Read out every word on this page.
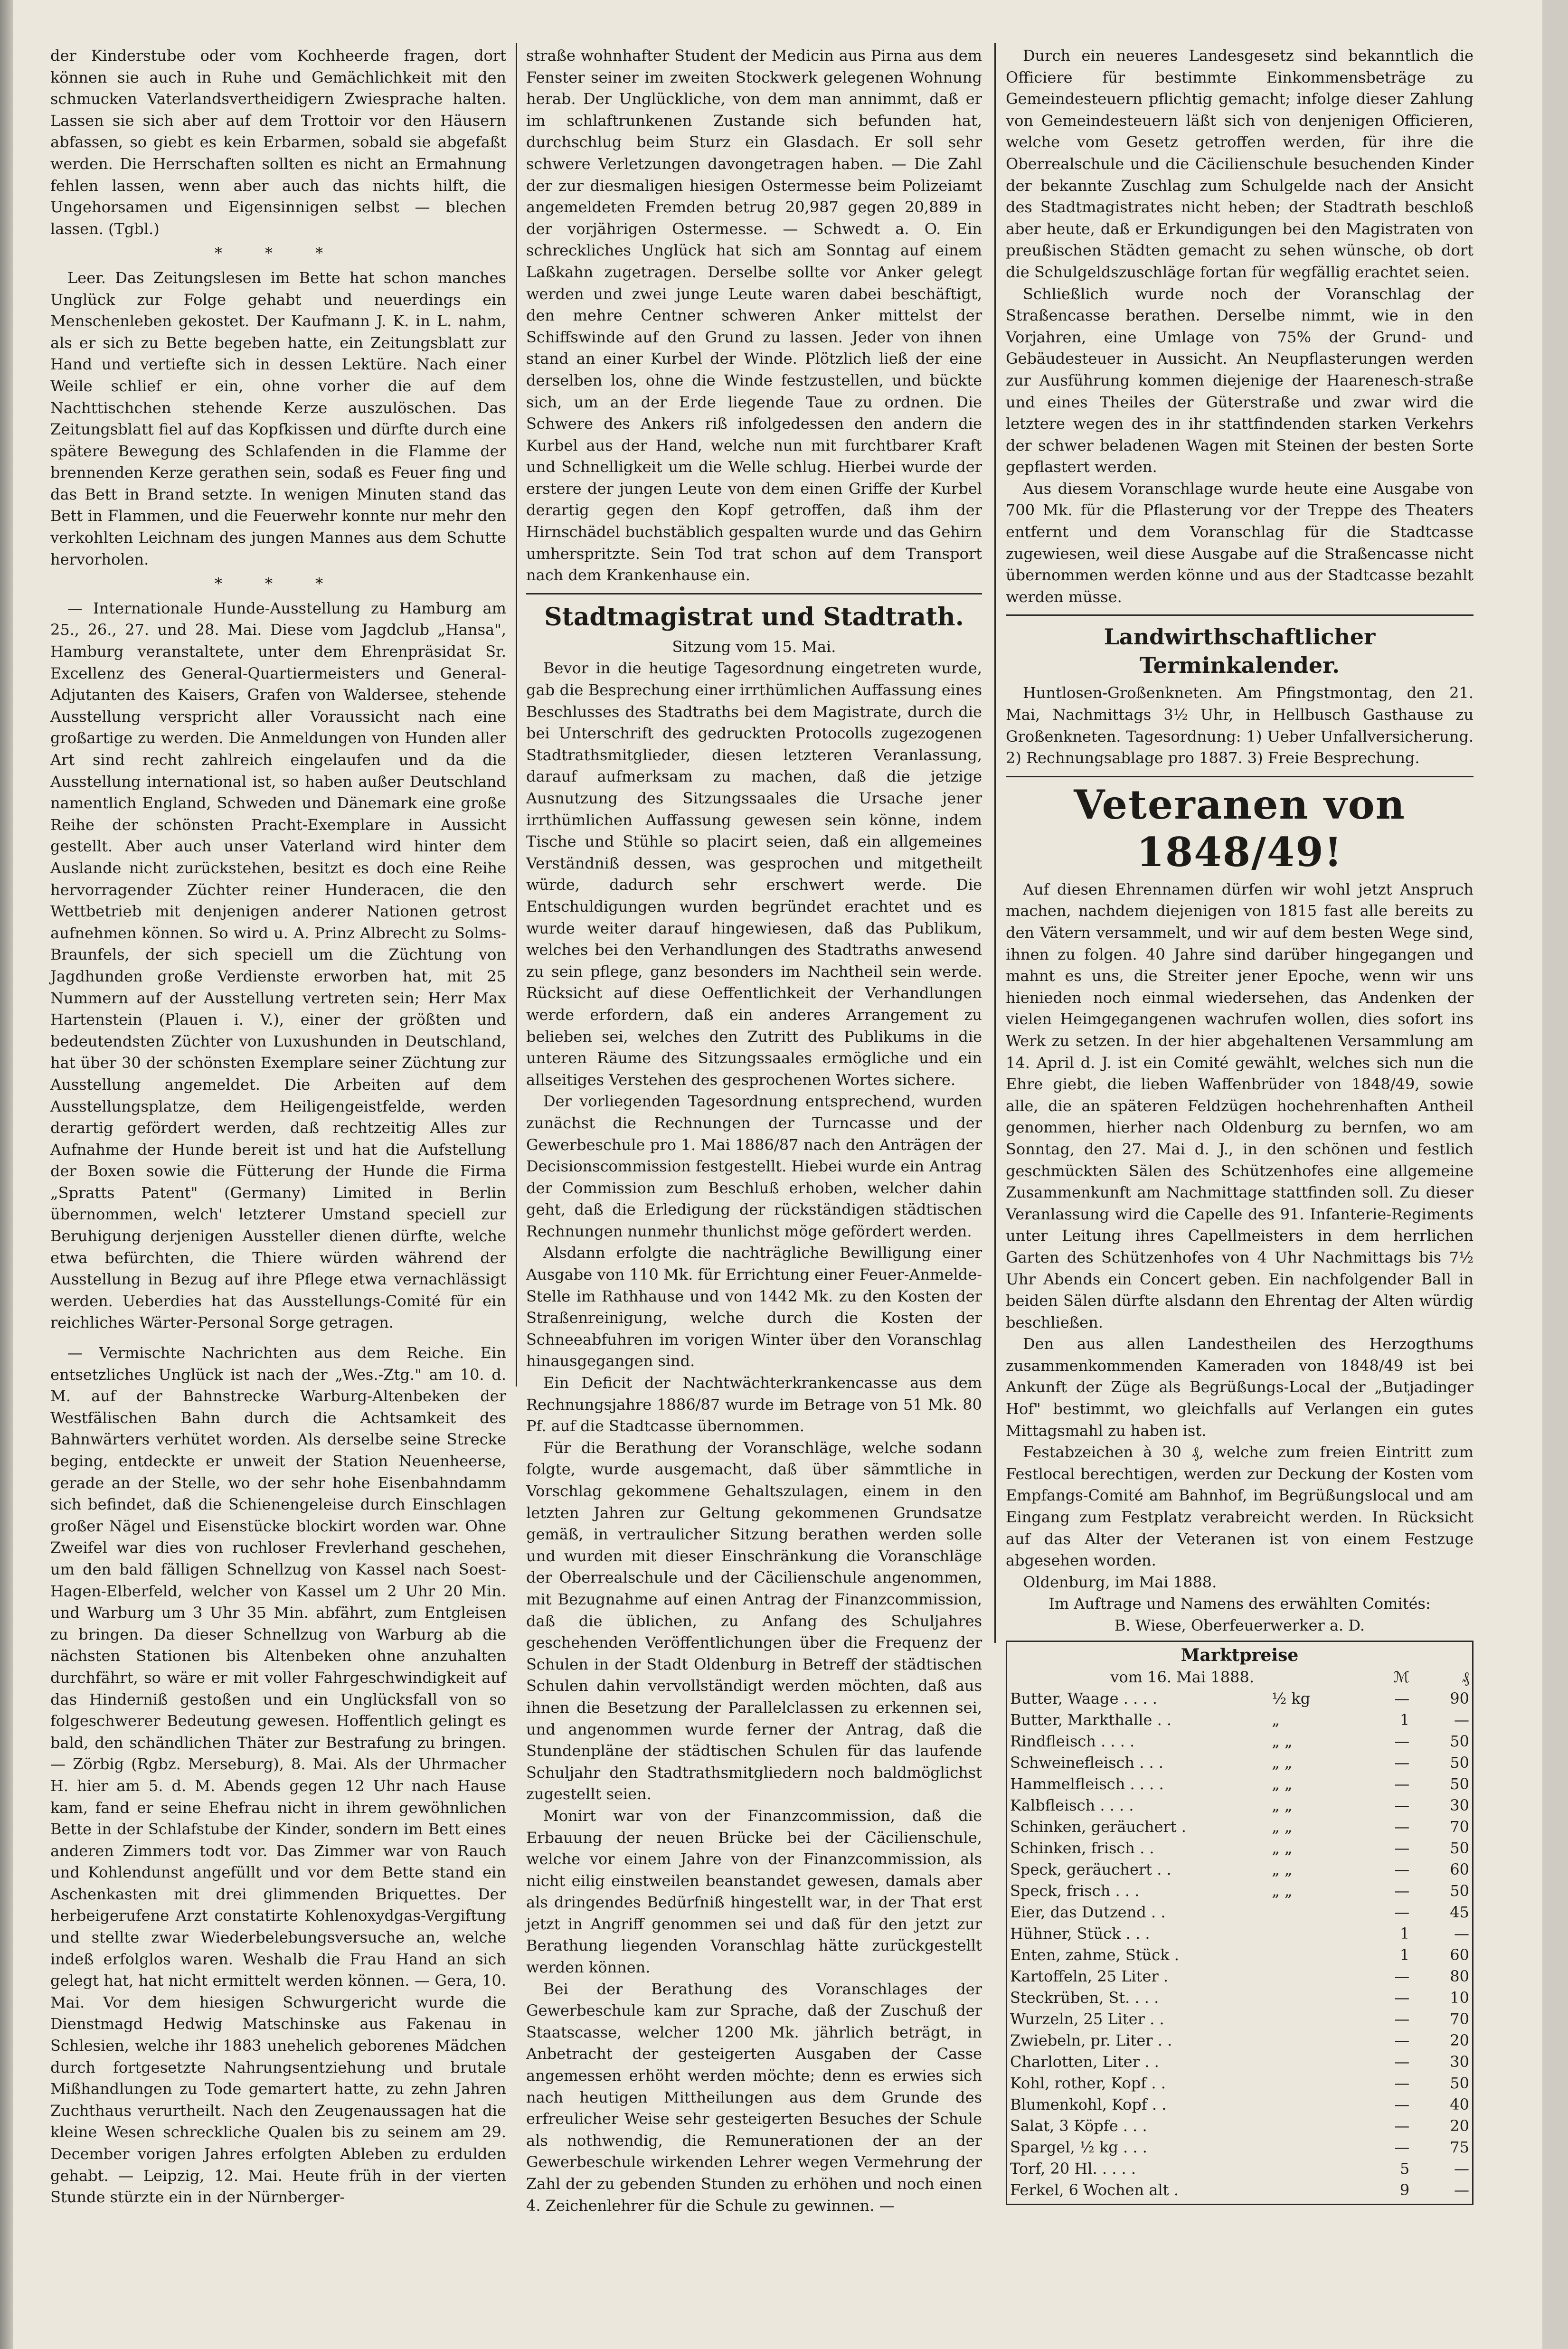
der Kinderstube oder vom Kochheerde fragen, dort können sie auch in Ruhe und Gemächlichkeit mit den schmucken Vaterlandsvertheidigern Zwiesprache halten. Lassen sie sich aber auf dem Trottoir vor den Häusern abfassen, so giebt es kein Erbarmen, sobald sie abgefaßt werden. Die Herrschaften sollten es nicht an Ermahnung fehlen lassen, wenn aber auch das nichts hilft, die Ungehorsamen und Eigensinnigen selbst — blechen lassen. (Tgbl.)

* * *

Leer. Das Zeitungslesen im Bette hat schon manches Unglück zur Folge gehabt und neuerdings ein Menschenleben gekostet. Der Kaufmann J. K. in L. nahm, als er sich zu Bette begeben hatte, ein Zeitungsblatt zur Hand und vertiefte sich in dessen Lektüre. Nach einer Weile schlief er ein, ohne vorher die auf dem Nachttischchen stehende Kerze auszulöschen. Das Zeitungsblatt fiel auf das Kopfkissen und dürfte durch eine spätere Bewegung des Schlafenden in die Flamme der brennenden Kerze gerathen sein, sodaß es Feuer fing und das Bett in Brand setzte. In wenigen Minuten stand das Bett in Flammen, und die Feuerwehr konnte nur mehr den verkohlten Leichnam des jungen Mannes aus dem Schutte hervorholen.

* * *

— Internationale Hunde-Ausstellung zu Hamburg am 25., 26., 27. und 28. Mai. Diese vom Jagdclub „Hansa", Hamburg veranstaltete, unter dem Ehrenpräsidat Sr. Excellenz des General-Quartiermeisters und General-Adjutanten des Kaisers, Grafen von Waldersee, stehende Ausstellung verspricht aller Voraussicht nach eine großartige zu werden. Die Anmeldungen von Hunden aller Art sind recht zahlreich eingelaufen und da die Ausstellung international ist, so haben außer Deutschland namentlich England, Schweden und Dänemark eine große Reihe der schönsten Pracht-Exemplare in Aussicht gestellt. Aber auch unser Vaterland wird hinter dem Auslande nicht zurückstehen, besitzt es doch eine Reihe hervorragender Züchter reiner Hunderacen, die den Wettbetrieb mit denjenigen anderer Nationen getrost aufnehmen können. So wird u. A. Prinz Albrecht zu Solms-Braunfels, der sich speciell um die Züchtung von Jagdhunden große Verdienste erworben hat, mit 25 Nummern auf der Ausstellung vertreten sein; Herr Max Hartenstein (Plauen i. V.), einer der größten und bedeutendsten Züchter von Luxushunden in Deutschland, hat über 30 der schönsten Exemplare seiner Züchtung zur Ausstellung angemeldet. Die Arbeiten auf dem Ausstellungsplatze, dem Heiligengeistfelde, werden derartig gefördert werden, daß rechtzeitig Alles zur Aufnahme der Hunde bereit ist und hat die Aufstellung der Boxen sowie die Fütterung der Hunde die Firma „Spratts Patent" (Germany) Limited in Berlin übernommen, welch' letzterer Umstand speciell zur Beruhigung derjenigen Aussteller dienen dürfte, welche etwa befürchten, die Thiere würden während der Ausstellung in Bezug auf ihre Pflege etwa vernachlässigt werden. Ueberdies hat das Ausstellungs-Comité für ein reichliches Wärter-Personal Sorge getragen.

— Vermischte Nachrichten aus dem Reiche. Ein entsetzliches Unglück ist nach der „Wes.-Ztg." am 10. d. M. auf der Bahnstrecke Warburg-Altenbeken der Westfälischen Bahn durch die Achtsamkeit des Bahnwärters verhütet worden. Als derselbe seine Strecke beging, entdeckte er unweit der Station Neuenheerse, gerade an der Stelle, wo der sehr hohe Eisenbahndamm sich befindet, daß die Schienengeleise durch Einschlagen großer Nägel und Eisenstücke blockirt worden war. Ohne Zweifel war dies von ruchloser Frevlerhand geschehen, um den bald fälligen Schnellzug von Kassel nach Soest-Hagen-Elberfeld, welcher von Kassel um 2 Uhr 20 Min. und Warburg um 3 Uhr 35 Min. abfährt, zum Entgleisen zu bringen. Da dieser Schnellzug von Warburg ab die nächsten Stationen bis Altenbeken ohne anzuhalten durchfährt, so wäre er mit voller Fahrgeschwindigkeit auf das Hinderniß gestoßen und ein Unglücksfall von so folgeschwerer Bedeutung gewesen. Hoffentlich gelingt es bald, den schändlichen Thäter zur Bestrafung zu bringen. — Zörbig (Rgbz. Merseburg), 8. Mai. Als der Uhrmacher H. hier am 5. d. M. Abends gegen 12 Uhr nach Hause kam, fand er seine Ehefrau nicht in ihrem gewöhnlichen Bette in der Schlafstube der Kinder, sondern im Bett eines anderen Zimmers todt vor. Das Zimmer war von Rauch und Kohlendunst angefüllt und vor dem Bette stand ein Aschenkasten mit drei glimmenden Briquettes. Der herbeigerufene Arzt constatirte Kohlenoxydgas-Vergiftung und stellte zwar Wiederbelebungsversuche an, welche indeß erfolglos waren. Weshalb die Frau Hand an sich gelegt hat, hat nicht ermittelt werden können. — Gera, 10. Mai. Vor dem hiesigen Schwurgericht wurde die Dienstmagd Hedwig Matschinske aus Fakenau in Schlesien, welche ihr 1883 unehelich geborenes Mädchen durch fortgesetzte Nahrungsentziehung und brutale Mißhandlungen zu Tode gemartert hatte, zu zehn Jahren Zuchthaus verurtheilt. Nach den Zeugenaussagen hat die kleine Wesen schreckliche Qualen bis zu seinem am 29. December vorigen Jahres erfolgten Ableben zu erdulden gehabt. — Leipzig, 12. Mai. Heute früh in der vierten Stunde stürzte ein in der Nürnberger-

straße wohnhafter Student der Medicin aus Pirna aus dem Fenster seiner im zweiten Stockwerk gelegenen Wohnung herab. Der Unglückliche, von dem man annimmt, daß er im schlaftrunkenen Zustande sich befunden hat, durchschlug beim Sturz ein Glasdach. Er soll sehr schwere Verletzungen davongetragen haben. — Die Zahl der zur diesmaligen hiesigen Ostermesse beim Polizeiamt angemeldeten Fremden betrug 20,987 gegen 20,889 in der vorjährigen Ostermesse. — Schwedt a. O. Ein schreckliches Unglück hat sich am Sonntag auf einem Laßkahn zugetragen. Derselbe sollte vor Anker gelegt werden und zwei junge Leute waren dabei beschäftigt, den mehre Centner schweren Anker mittelst der Schiffswinde auf den Grund zu lassen. Jeder von ihnen stand an einer Kurbel der Winde. Plötzlich ließ der eine derselben los, ohne die Winde festzustellen, und bückte sich, um an der Erde liegende Taue zu ordnen. Die Schwere des Ankers riß infolgedessen den andern die Kurbel aus der Hand, welche nun mit furchtbarer Kraft und Schnelligkeit um die Welle schlug. Hierbei wurde der erstere der jungen Leute von dem einen Griffe der Kurbel derartig gegen den Kopf getroffen, daß ihm der Hirnschädel buchstäblich gespalten wurde und das Gehirn umherspritzte. Sein Tod trat schon auf dem Transport nach dem Krankenhause ein.

Stadtmagistrat und Stadtrath.
Sitzung vom 15. Mai.

Bevor in die heutige Tagesordnung eingetreten wurde, gab die Besprechung einer irrthümlichen Auffassung eines Beschlusses des Stadtraths bei dem Magistrate, durch die bei Unterschrift des gedruckten Protocolls zugezogenen Stadtrathsmitglieder, diesen letzteren Veranlassung, darauf aufmerksam zu machen, daß die jetzige Ausnutzung des Sitzungssaales die Ursache jener irrthümlichen Auffassung gewesen sein könne, indem Tische und Stühle so placirt seien, daß ein allgemeines Verständniß dessen, was gesprochen und mitgetheilt würde, dadurch sehr erschwert werde. Die Entschuldigungen wurden begründet erachtet und es wurde weiter darauf hingewiesen, daß das Publikum, welches bei den Verhandlungen des Stadtraths anwesend zu sein pflege, ganz besonders im Nachtheil sein werde. Rücksicht auf diese Oeffentlichkeit der Verhandlungen werde erfordern, daß ein anderes Arrangement zu belieben sei, welches den Zutritt des Publikums in die unteren Räume des Sitzungssaales ermögliche und ein allseitiges Verstehen des gesprochenen Wortes sichere.

Der vorliegenden Tagesordnung entsprechend, wurden zunächst die Rechnungen der Turncasse und der Gewerbeschule pro 1. Mai 1886/87 nach den Anträgen der Decisionscommission festgestellt. Hiebei wurde ein Antrag der Commission zum Beschluß erhoben, welcher dahin geht, daß die Erledigung der rückständigen städtischen Rechnungen nunmehr thunlichst möge gefördert werden.

Alsdann erfolgte die nachträgliche Bewilligung einer Ausgabe von 110 Mk. für Errichtung einer Feuer-Anmelde-Stelle im Rathhause und von 1442 Mk. zu den Kosten der Straßenreinigung, welche durch die Kosten der Schneeabfuhren im vorigen Winter über den Voranschlag hinausgegangen sind.

Ein Deficit der Nachtwächterkrankencasse aus dem Rechnungsjahre 1886/87 wurde im Betrage von 51 Mk. 80 Pf. auf die Stadtcasse übernommen.

Für die Berathung der Voranschläge, welche sodann folgte, wurde ausgemacht, daß über sämmtliche in Vorschlag gekommene Gehaltszulagen, einem in den letzten Jahren zur Geltung gekommenen Grundsatze gemäß, in vertraulicher Sitzung berathen werden solle und wurden mit dieser Einschränkung die Voranschläge der Oberrealschule und der Cäcilienschule angenommen, mit Bezugnahme auf einen Antrag der Finanzcommission, daß die üblichen, zu Anfang des Schuljahres geschehenden Veröffentlichungen über die Frequenz der Schulen in der Stadt Oldenburg in Betreff der städtischen Schulen dahin vervollständigt werden möchten, daß aus ihnen die Besetzung der Parallelclassen zu erkennen sei, und angenommen wurde ferner der Antrag, daß die Stundenpläne der städtischen Schulen für das laufende Schuljahr den Stadtrathsmitgliedern noch baldmöglichst zugestellt seien.

Monirt war von der Finanzcommission, daß die Erbauung der neuen Brücke bei der Cäcilienschule, welche vor einem Jahre von der Finanzcommission, als nicht eilig einstweilen beanstandet gewesen, damals aber als dringendes Bedürfniß hingestellt war, in der That erst jetzt in Angriff genommen sei und daß für den jetzt zur Berathung liegenden Voranschlag hätte zurückgestellt werden können.

Bei der Berathung des Voranschlages der Gewerbeschule kam zur Sprache, daß der Zuschuß der Staatscasse, welcher 1200 Mk. jährlich beträgt, in Anbetracht der gesteigerten Ausgaben der Casse angemessen erhöht werden möchte; denn es erwies sich nach heutigen Mittheilungen aus dem Grunde des erfreulicher Weise sehr gesteigerten Besuches der Schule als nothwendig, die Remunerationen der an der Gewerbeschule wirkenden Lehrer wegen Vermehrung der Zahl der zu gebenden Stunden zu erhöhen und noch einen 4. Zeichenlehrer für die Schule zu gewinnen. —

Durch ein neueres Landesgesetz sind bekanntlich die Officiere für bestimmte Einkommensbeträge zu Gemeindesteuern pflichtig gemacht; infolge dieser Zahlung von Gemeindesteuern läßt sich von denjenigen Officieren, welche vom Gesetz getroffen werden, für ihre die Oberrealschule und die Cäcilienschule besuchenden Kinder der bekannte Zuschlag zum Schulgelde nach der Ansicht des Stadtmagistrates nicht heben; der Stadtrath beschloß aber heute, daß er Erkundigungen bei den Magistraten von preußischen Städten gemacht zu sehen wünsche, ob dort die Schulgeldszuschläge fortan für wegfällig erachtet seien.

Schließlich wurde noch der Voranschlag der Straßencasse berathen. Derselbe nimmt, wie in den Vorjahren, eine Umlage von 75% der Grund- und Gebäudesteuer in Aussicht. An Neupflasterungen werden zur Ausführung kommen diejenige der Haarenesch-straße und eines Theiles der Güterstraße und zwar wird die letztere wegen des in ihr stattfindenden starken Verkehrs der schwer beladenen Wagen mit Steinen der besten Sorte gepflastert werden.

Aus diesem Voranschlage wurde heute eine Ausgabe von 700 Mk. für die Pflasterung vor der Treppe des Theaters entfernt und dem Voranschlag für die Stadtcasse zugewiesen, weil diese Ausgabe auf die Straßencasse nicht übernommen werden könne und aus der Stadtcasse bezahlt werden müsse.

Landwirthschaftlicher Terminkalender.

Huntlosen-Großenkneten. Am Pfingstmontag, den 21. Mai, Nachmittags 3½ Uhr, in Hellbusch Gasthause zu Großenkneten. Tagesordnung: 1) Ueber Unfallversicherung. 2) Rechnungsablage pro 1887. 3) Freie Besprechung.

Veteranen von 1848/49!

Auf diesen Ehrennamen dürfen wir wohl jetzt Anspruch machen, nachdem diejenigen von 1815 fast alle bereits zu den Vätern versammelt, und wir auf dem besten Wege sind, ihnen zu folgen. 40 Jahre sind darüber hingegangen und mahnt es uns, die Streiter jener Epoche, wenn wir uns hienieden noch einmal wiedersehen, das Andenken der vielen Heimgegangenen wachrufen wollen, dies sofort ins Werk zu setzen. In der hier abgehaltenen Versammlung am 14. April d. J. ist ein Comité gewählt, welches sich nun die Ehre giebt, die lieben Waffenbrüder von 1848/49, sowie alle, die an späteren Feldzügen hochehrenhaften Antheil genommen, hierher nach Oldenburg zu bernfen, wo am Sonntag, den 27. Mai d. J., in den schönen und festlich geschmückten Sälen des Schützenhofes eine allgemeine Zusammenkunft am Nachmittage stattfinden soll. Zu dieser Veranlassung wird die Capelle des 91. Infanterie-Regiments unter Leitung ihres Capellmeisters in dem herrlichen Garten des Schützenhofes von 4 Uhr Nachmittags bis 7½ Uhr Abends ein Concert geben. Ein nachfolgender Ball in beiden Sälen dürfte alsdann den Ehrentag der Alten würdig beschließen.

Den aus allen Landestheilen des Herzogthums zusammenkommenden Kameraden von 1848/49 ist bei Ankunft der Züge als Begrüßungs-Local der „Butjadinger Hof" bestimmt, wo gleichfalls auf Verlangen ein gutes Mittagsmahl zu haben ist.

Festabzeichen à 30 ₰, welche zum freien Eintritt zum Festlocal berechtigen, werden zur Deckung der Kosten vom Empfangs-Comité am Bahnhof, im Begrüßungslocal und am Eingang zum Festplatz verabreicht werden. In Rücksicht auf das Alter der Veteranen ist von einem Festzuge abgesehen worden.

Oldenburg, im Mai 1888.

Im Auftrage und Namens des erwählten Comités:

B. Wiese, Oberfeuerwerker a. D.

Marktpreise
vom 16. Mai 1888.		ℳ	₰
Butter, Waage . . . .	½ kg	—	90
Butter, Markthalle . .	„	1	—
Rindfleisch . . . .	„ „	—	50
Schweinefleisch . . .	„ „	—	50
Hammelfleisch . . . .	„ „	—	50
Kalbfleisch . . . .	„ „	—	30
Schinken, geräuchert .	„ „	—	70
Schinken, frisch . .	„ „	—	50
Speck, geräuchert . .	„ „	—	60
Speck, frisch . . .	„ „	—	50
Eier, das Dutzend . .		—	45
Hühner, Stück . . .		1	—
Enten, zahme, Stück .		1	60
Kartoffeln, 25 Liter .		—	80
Steckrüben, St. . . .		—	10
Wurzeln, 25 Liter . .		—	70
Zwiebeln, pr. Liter . .		—	20
Charlotten, Liter . .		—	30
Kohl, rother, Kopf . .		—	50
Blumenkohl, Kopf . .		—	40
Salat, 3 Köpfe . . .		—	20
Spargel, ½ kg . . .		—	75
Torf, 20 Hl. . . . .		5	—
Ferkel, 6 Wochen alt .		9	—
